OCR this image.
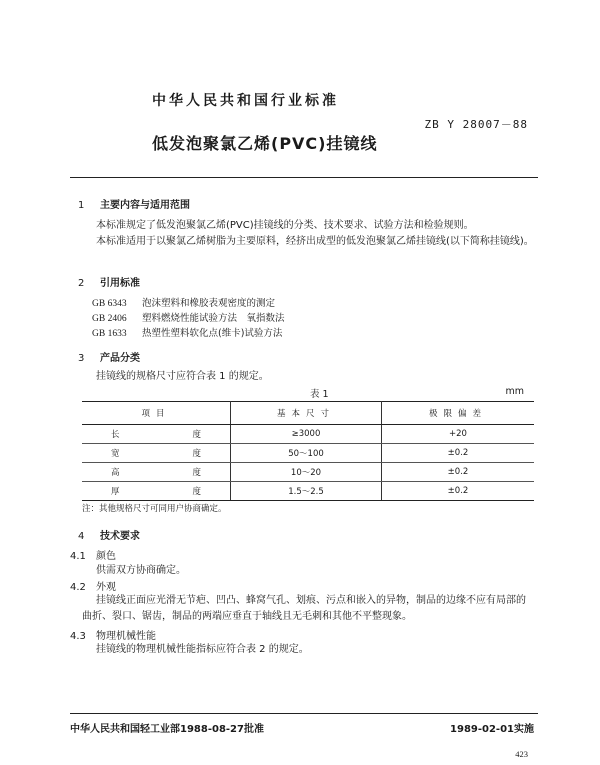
中华人民共和国行业标准
ZB Y 28007－88
低发泡聚氯乙烯(PVC)挂镜线
1 主要内容与适用范围
本标准规定了低发泡聚氯乙烯(PVC)挂镜线的分类、技术要求、试验方法和检验规则。
本标准适用于以聚氯乙烯树脂为主要原料，经挤出成型的低发泡聚氯乙烯挂镜线(以下简称挂镜线)。
2 引用标准
GB 6343 泡沫塑料和橡胶表观密度的测定
GB 2406 塑料燃烧性能试验方法　氧指数法
GB 1633 热塑性塑料软化点(维卡)试验方法
3 产品分类
挂镜线的规格尺寸应符合表 1 的规定。
表 1	mm
项目	基本尺寸	极限偏差
长度	≥3000	+20
宽度	50～100	±0.2
高度	10～20	±0.2
厚度	1.5～2.5	±0.2
注：其他规格尺寸可同用户协商确定。
4 技术要求
4.1 颜色
供需双方协商确定。
4.2 外观
挂镜线正面应光滑无节疤、凹凸、蜂窝气孔、划痕、污点和嵌入的异物，制品的边缘不应有局部的曲折、裂口、锯齿，制品的两端应垂直于轴线且无毛刺和其他不平整现象。
4.3 物理机械性能
挂镜线的物理机械性能指标应符合表 2 的规定。
中华人民共和国轻工业部1988-08-27批准	1989-02-01实施
423
